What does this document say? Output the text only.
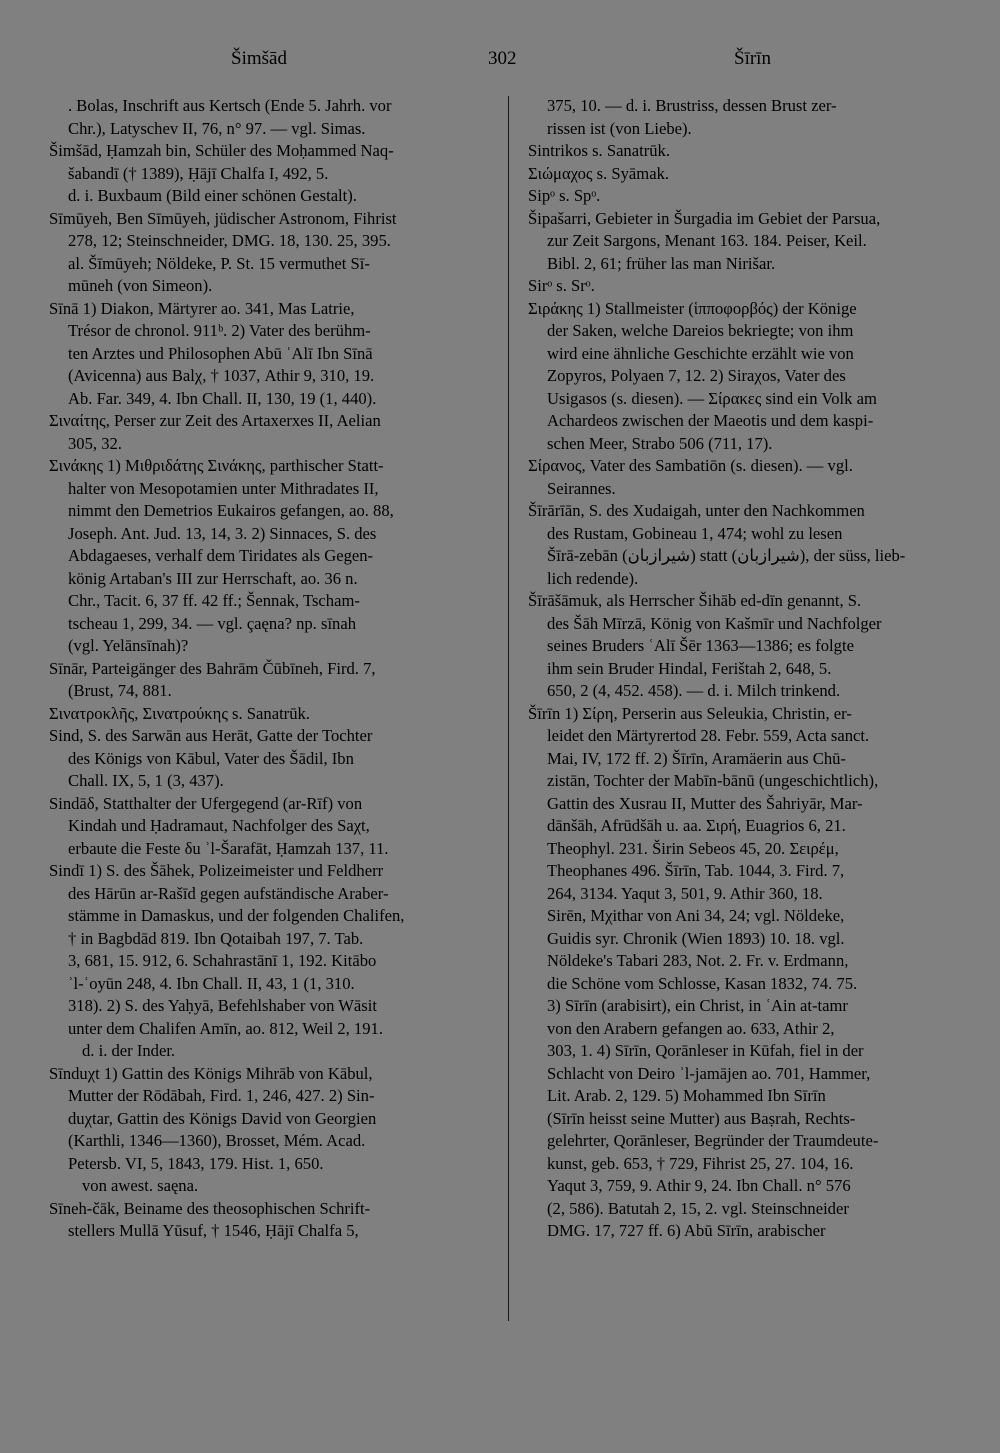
Šimšād	302	Šīrīn
. Bolas, Inschrift aus Kertsch (Ende 5. Jahrh. vor
Chr.), Latyschev II, 76, n° 97. — vgl. Simas.
Šimšād, Ḥamzah bin, Schüler des Moḥammed Naq-
šabandī († 1389), Ḥājī Chalfa I, 492, 5.
d. i. Buxbaum (Bild einer schönen Gestalt).
Sīmūyeh, Ben Sīmūyeh, jüdischer Astronom, Fihrist
278, 12; Steinschneider, DMG. 18, 130. 25, 395.
al. Šīmūyeh; Nöldeke, P. St. 15 vermuthet Sī-
mūneh (von Simeon).
Sīnā 1) Diakon, Märtyrer ao. 341, Mas Latrie,
Trésor de chronol. 911ᵇ. 2) Vater des berühm-
ten Arztes und Philosophen Abū ʿAlī Ibn Sīnā
(Avicenna) aus Balχ, † 1037, Athir 9, 310, 19.
Ab. Far. 349, 4. Ibn Chall. II, 130, 19 (1, 440).
Σιναίτης, Perser zur Zeit des Artaxerxes II, Aelian
305, 32.
Σινάκης 1) Μιθριδάτης Σινάκης, parthischer Statt-
halter von Mesopotamien unter Mithradates II,
nimmt den Demetrios Eukairos gefangen, ao. 88,
Joseph. Ant. Jud. 13, 14, 3. 2) Sinnaces, S. des
Abdagaeses, verhalf dem Tiridates als Gegen-
könig Artaban's III zur Herrschaft, ao. 36 n.
Chr., Tacit. 6, 37 ff. 42 ff.; Šennak, Tscham-
tscheau 1, 299, 34. — vgl. çaęna? np. sīnah
(vgl. Yelānsīnah)?
Sīnār, Parteigänger des Bahrām Čūbīneh, Fird. 7,
(Brust, 74, 881.
Σινατροκλῆς, Σινατρούκης s. Sanatrūk.
Sind, S. des Sarwān aus Herāt, Gatte der Tochter
des Königs von Kābul, Vater des Šādil, Ibn
Chall. IX, 5, 1 (3, 437).
Sindāδ, Statthalter der Ufergegend (ar-Rīf) von
Kindah und Ḥadramaut, Nachfolger des Saχt,
erbaute die Feste δu ʾl-Šarafāt, Ḥamzah 137, 11.
Sindī 1) S. des Šāhek, Polizeimeister und Feldherr
des Hārūn ar-Rašīd gegen aufständische Araber-
stämme in Damaskus, und der folgenden Chalifen,
† in Bagbdād 819. Ibn Qotaibah 197, 7. Tab.
3, 681, 15. 912, 6. Schahrastānī 1, 192. Kitābo
ʾl-ʿoyūn 248, 4. Ibn Chall. II, 43, 1 (1, 310.
318). 2) S. des Yaḥyā, Befehlshaber von Wāsit
unter dem Chalifen Amīn, ao. 812, Weil 2, 191.
d. i. der Inder.
Sīnduχt 1) Gattin des Königs Mihrāb von Kābul,
Mutter der Rōdābah, Fird. 1, 246, 427. 2) Sin-
duχtar, Gattin des Königs David von Georgien
(Karthli, 1346—1360), Brosset, Mém. Acad.
Petersb. VI, 5, 1843, 179. Hist. 1, 650.
von awest. saęna.
Sīneh-čāk, Beiname des theosophischen Schrift-
stellers Mullā Yūsuf, † 1546, Ḥājī Chalfa 5,
375, 10. — d. i. Brustriss, dessen Brust zer-
rissen ist (von Liebe).
Sintrikos s. Sanatrūk.
Σιώμαχος s. Syāmak.
Sipᵒ s. Spᵒ.
Šipašarri, Gebieter in Šurgadia im Gebiet der Parsua,
zur Zeit Sargons, Menant 163. 184. Peiser, Keil.
Bibl. 2, 61; früher las man Nirišar.
Sirᵒ s. Srᵒ.
Σιράκης 1) Stallmeister (ἱπποφορβός) der Könige
der Saken, welche Dareios bekriegte; von ihm
wird eine ähnliche Geschichte erzählt wie von
Zopyros, Polyaen 7, 12. 2) Siraχos, Vater des
Usigasos (s. diesen). — Σίρακες sind ein Volk am
Achardeos zwischen der Maeotis und dem kaspi-
schen Meer, Strabo 506 (711, 17).
Σίρανος, Vater des Sambatiōn (s. diesen). — vgl.
Seirannes.
Šīrārīān, S. des Xudaigah, unter den Nachkommen
des Rustam, Gobineau 1, 474; wohl zu lesen
Šīrā-zebān (شیرازبان) statt (شیرازبان), der süss, lieb-
lich redende).
Šīrāšāmuk, als Herrscher Šihāb ed-dīn genannt, S.
des Šāh Mīrzā, König von Kašmīr und Nachfolger
seines Bruders ʿAlī Šēr 1363—1386; es folgte
ihm sein Bruder Hindal, Ferištah 2, 648, 5.
650, 2 (4, 452. 458). — d. i. Milch trinkend.
Šīrīn 1) Σίρη, Perserin aus Seleukia, Christin, er-
leidet den Märtyrertod 28. Febr. 559, Acta sanct.
Mai, IV, 172 ff. 2) Šīrīn, Aramäerin aus Chū-
zistān, Tochter der Mabīn-bānū (ungeschichtlich),
Gattin des Xusrau II, Mutter des Šahriyār, Mar-
dānšāh, Afrūdšāh u. aa. Σιρή, Euagrios 6, 21.
Theophyl. 231. Širin Sebeos 45, 20. Σειρέμ,
Theophanes 496. Šīrīn, Tab. 1044, 3. Fird. 7,
264, 3134. Yaqut 3, 501, 9. Athir 360, 18.
Sirēn, Mχithar von Ani 34, 24; vgl. Nöldeke,
Guidis syr. Chronik (Wien 1893) 10. 18. vgl.
Nöldeke's Tabari 283, Not. 2. Fr. v. Erdmann,
die Schöne vom Schlosse, Kasan 1832, 74. 75.
3) Sīrīn (arabisirt), ein Christ, in ʿAin at-tamr
von den Arabern gefangen ao. 633, Athir 2,
303, 1. 4) Sīrīn, Qorānleser in Kūfah, fiel in der
Schlacht von Deiro ʾl-jamājen ao. 701, Hammer,
Lit. Arab. 2, 129. 5) Mohammed Ibn Sīrīn
(Sīrīn heisst seine Mutter) aus Baṣrah, Rechts-
gelehrter, Qorānleser, Begründer der Traumdeute-
kunst, geb. 653, † 729, Fihrist 25, 27. 104, 16.
Yaqut 3, 759, 9. Athir 9, 24. Ibn Chall. n° 576
(2, 586). Batutah 2, 15, 2. vgl. Steinschneider
DMG. 17, 727 ff. 6) Abū Sīrīn, arabischer
